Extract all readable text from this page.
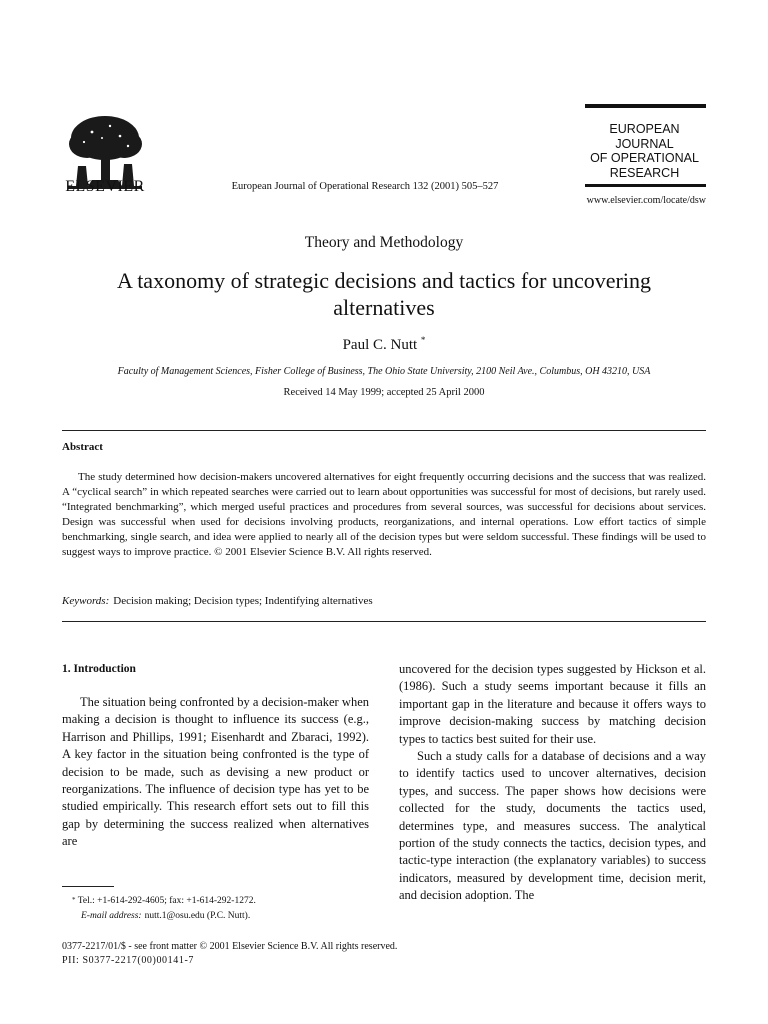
ELSEVIER	European Journal of Operational Research 132 (2001) 505–527
EUROPEAN
JOURNAL
OF OPERATIONAL
RESEARCH
www.elsevier.com/locate/dsw
Theory and Methodology
A taxonomy of strategic decisions and tactics for uncovering alternatives
Paul C. Nutt *
Faculty of Management Sciences, Fisher College of Business, The Ohio State University, 2100 Neil Ave., Columbus, OH 43210, USA
Received 14 May 1999; accepted 25 April 2000
Abstract
The study determined how decision-makers uncovered alternatives for eight frequently occurring decisions and the success that was realized. A “cyclical search” in which repeated searches were carried out to learn about opportunities was successful for most of decisions, but rarely used. “Integrated benchmarking”, which merged useful practices and procedures from several sources, was successful for decisions about services. Design was successful when used for decisions involving products, reorganizations, and internal operations. Low effort tactics of simple benchmarking, single search, and idea were applied to nearly all of the decision types but were seldom successful. These findings will be used to suggest ways to improve practice. © 2001 Elsevier Science B.V. All rights reserved.
Keywords: Decision making; Decision types; Indentifying alternatives
1. Introduction
The situation being confronted by a decision-maker when making a decision is thought to influence its success (e.g., Harrison and Phillips, 1991; Eisenhardt and Zbaraci, 1992). A key factor in the situation being confronted is the type of decision to be made, such as devising a new product or reorganizations. The influence of decision type has yet to be studied empirically. This research effort sets out to fill this gap by determining the success realized when alternatives are

uncovered for the decision types suggested by Hickson et al. (1986). Such a study seems important because it fills an important gap in the literature and because it offers ways to improve decision-making success by matching decision types to tactics best suited for their use.

Such a study calls for a database of decisions and a way to identify tactics used to uncover alternatives, decision types, and success. The paper shows how decisions were collected for the study, documents the tactics used, determines type, and measures success. The analytical portion of the study connects the tactics, decision types, and tactic-type interaction (the explanatory variables) to success indicators, measured by development time, decision merit, and decision adoption. The

* Tel.: +1-614-292-4605; fax: +1-614-292-1272.
E-mail address: nutt.1@osu.edu (P.C. Nutt).
0377-2217/01/$ - see front matter © 2001 Elsevier Science B.V. All rights reserved.
PII: S0377-2217(00)00141-7
